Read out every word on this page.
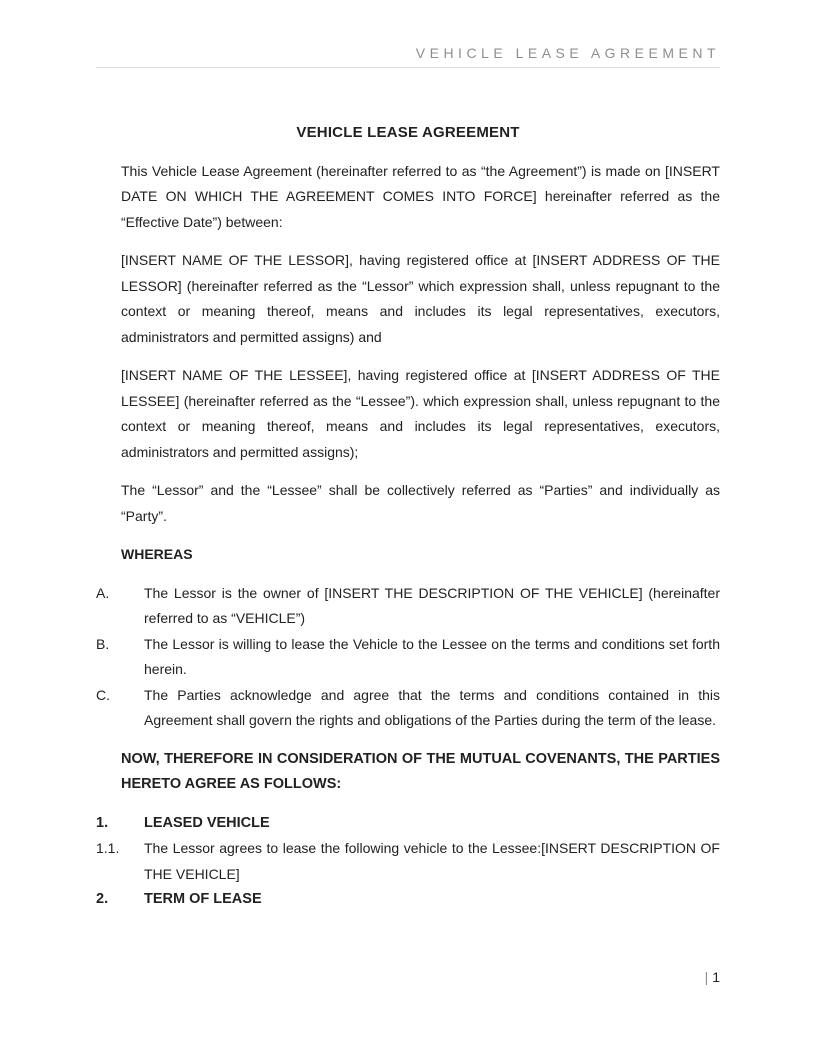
VEHICLE LEASE AGREEMENT
VEHICLE LEASE AGREEMENT

This Vehicle Lease Agreement (hereinafter referred to as “the Agreement”) is made on [INSERT DATE ON WHICH THE AGREEMENT COMES INTO FORCE] hereinafter referred as the “Effective Date”) between:

[INSERT NAME OF THE LESSOR], having registered office at [INSERT ADDRESS OF THE LESSOR] (hereinafter referred as the “Lessor” which expression shall, unless repugnant to the context or meaning thereof, means and includes its legal representatives, executors, administrators and permitted assigns) and

[INSERT NAME OF THE LESSEE], having registered office at [INSERT ADDRESS OF THE LESSEE] (hereinafter referred as the “Lessee”). which expression shall, unless repugnant to the context or meaning thereof, means and includes its legal representatives, executors, administrators and permitted assigns);

The “Lessor” and the “Lessee” shall be collectively referred as “Parties” and individually as “Party”.

WHEREAS
A.	The Lessor is the owner of [INSERT THE DESCRIPTION OF THE VEHICLE] (hereinafter referred to as “VEHICLE”)
B.	The Lessor is willing to lease the Vehicle to the Lessee on the terms and conditions set forth herein.
C.	The Parties acknowledge and agree that the terms and conditions contained in this Agreement shall govern the rights and obligations of the Parties during the term of the lease.
NOW, THEREFORE IN CONSIDERATION OF THE MUTUAL COVENANTS, THE PARTIES HERETO AGREE AS FOLLOWS:
1.	LEASED VEHICLE
1.1.	The Lessor agrees to lease the following vehicle to the Lessee:[INSERT DESCRIPTION OF THE VEHICLE]
2.	TERM OF LEASE
| 1
